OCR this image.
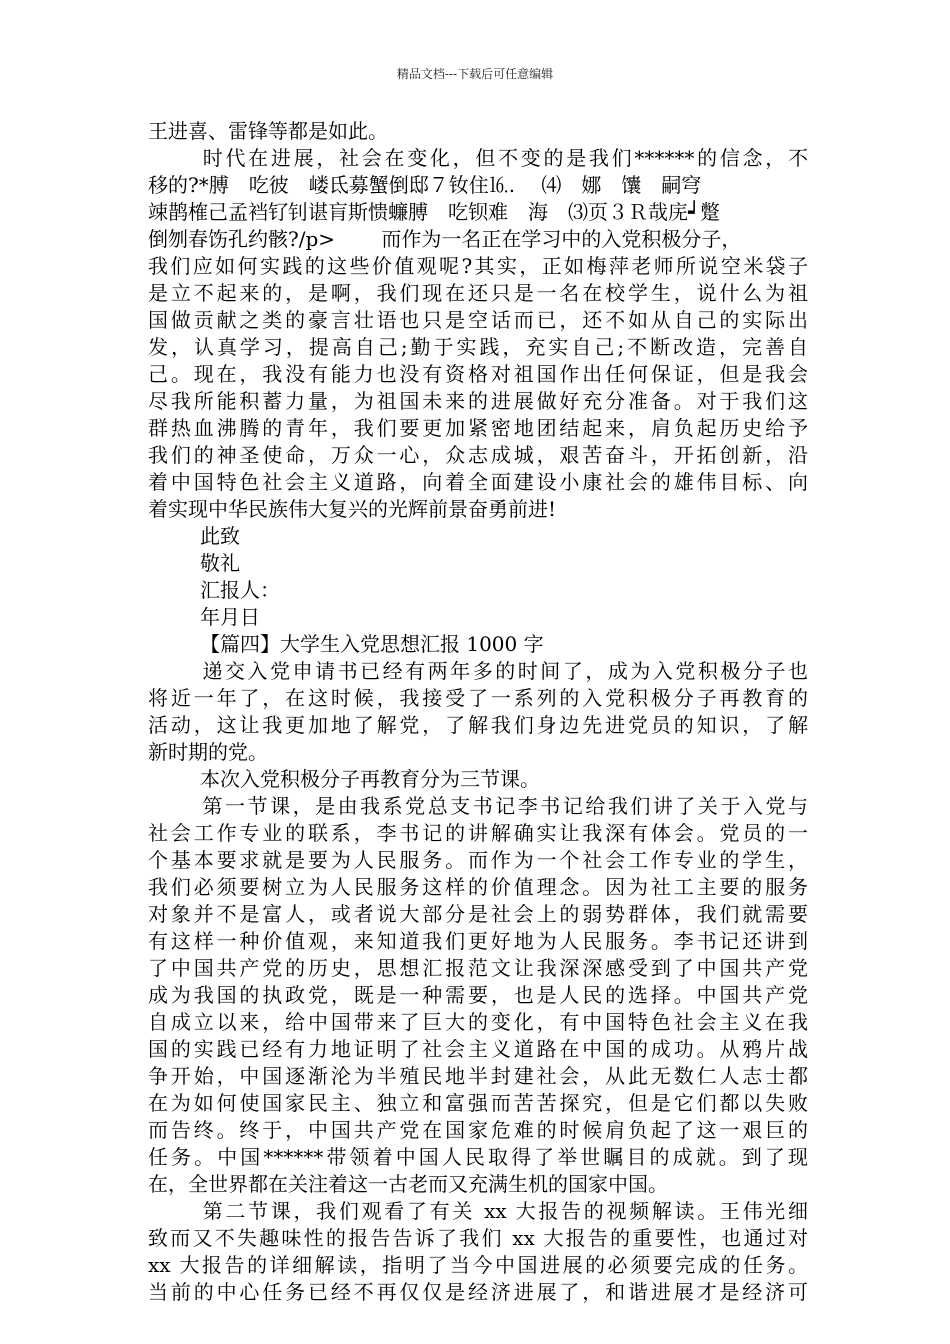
精品文档---下载后可任意编辑
王进喜、雷锋等都是如此。
时代在进展，社会在变化，但不变的是我们******的信念，不
移的?*膊　吃彼　嵝氐募蟹倒邸７钕住⒗. 　⑷　娜　馕　嗣穹
竦鹊榷己孟裆钌钊谌肓斯愦蠊膊　吃钡难　海　⑶页３Ｒ哉庑┙蹩
倒刎春饬孔约骸?/p>　　 而作为一名正在学习中的入党积极分子，
我们应如何实践的这些价值观呢?其实，正如梅萍老师所说空米袋子
是立不起来的，是啊，我们现在还只是一名在校学生，说什么为祖
国做贡献之类的豪言壮语也只是空话而已，还不如从自己的实际出
发，认真学习，提高自己;勤于实践，充实自己;不断改造，完善自
己。现在，我没有能力也没有资格对祖国作出任何保证，但是我会
尽我所能积蓄力量，为祖国未来的进展做好充分准备。对于我们这
群热血沸腾的青年，我们要更加紧密地团结起来，肩负起历史给予
我们的神圣使命，万众一心，众志成城，艰苦奋斗，开拓创新，沿
着中国特色社会主义道路，向着全面建设小康社会的雄伟目标、向
着实现中华民族伟大复兴的光辉前景奋勇前进!
此致
敬礼
汇报人：
年月日
【篇四】大学生入党思想汇报 1000 字
递交入党申请书已经有两年多的时间了，成为入党积极分子也
将近一年了，在这时候，我接受了一系列的入党积极分子再教育的
活动，这让我更加地了解党，了解我们身边先进党员的知识，了解
新时期的党。
本次入党积极分子再教育分为三节课。
第一节课，是由我系党总支书记李书记给我们讲了关于入党与
社会工作专业的联系，李书记的讲解确实让我深有体会。党员的一
个基本要求就是要为人民服务。而作为一个社会工作专业的学生，
我们必须要树立为人民服务这样的价值理念。因为社工主要的服务
对象并不是富人，或者说大部分是社会上的弱势群体，我们就需要
有这样一种价值观，来知道我们更好地为人民服务。李书记还讲到
了中国共产党的历史，思想汇报范文让我深深感受到了中国共产党
成为我国的执政党，既是一种需要，也是人民的选择。中国共产党
自成立以来，给中国带来了巨大的变化，有中国特色社会主义在我
国的实践已经有力地证明了社会主义道路在中国的成功。从鸦片战
争开始，中国逐渐沦为半殖民地半封建社会，从此无数仁人志士都
在为如何使国家民主、独立和富强而苦苦探究，但是它们都以失败
而告终。终于，中国共产党在国家危难的时候肩负起了这一艰巨的
任务。中国******带领着中国人民取得了举世瞩目的成就。到了现
在，全世界都在关注着这一古老而又充满生机的国家中国。
第二节课，我们观看了有关 xx 大报告的视频解读。王伟光细
致而又不失趣味性的报告告诉了我们 xx 大报告的重要性，也通过对
xx 大报告的详细解读，指明了当今中国进展的必须要完成的任务。
当前的中心任务已经不再仅仅是经济进展了，和谐进展才是经济可
